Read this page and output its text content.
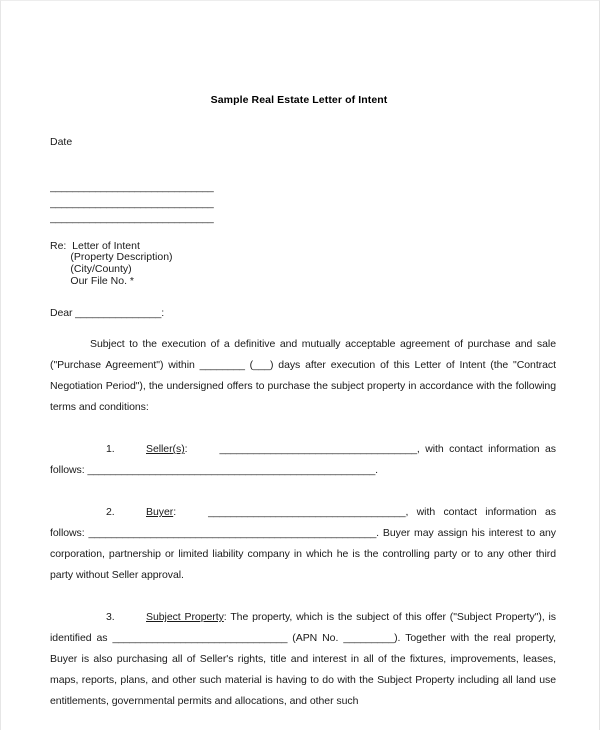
Sample Real Estate Letter of Intent
Date
_____________________________
_____________________________
_____________________________
Re:  Letter of Intent
(Property Description)
(City/County)
Our File No. *
Dear _______________:

Subject to the execution of a definitive and mutually acceptable agreement of purchase and sale ("Purchase Agreement") within ________ (___) days after execution of this Letter of Intent (the "Contract Negotiation Period"), the undersigned offers to purchase the subject property in accordance with the following terms and conditions:

1.	Seller(s):	___________________________________, with contact information as follows: ___________________________________________________.

2.	Buyer:	___________________________________, with contact information as follows: ___________________________________________________. Buyer may assign his interest to any corporation, partnership or limited liability company in which he is the controlling party or to any other third party without Seller approval.

3.	Subject Property: The property, which is the subject of this offer ("Subject Property"), is identified as _______________________________ (APN No. _________). Together with the real property, Buyer is also purchasing all of Seller's rights, title and interest in all of the fixtures, improvements, leases, maps, reports, plans, and other such material is having to do with the Subject Property including all land use entitlements, governmental permits and allocations, and other such
